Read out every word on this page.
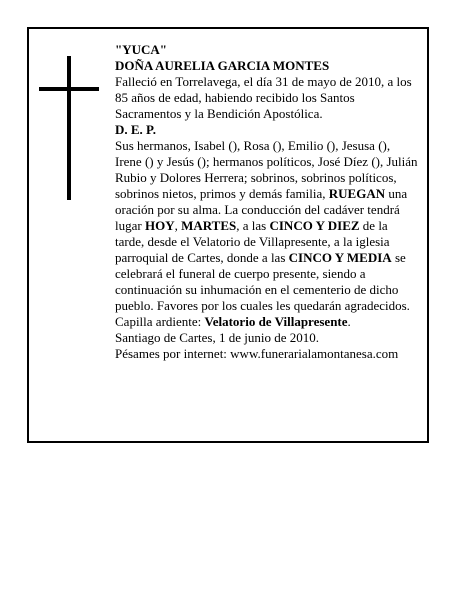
"YUCA"

DOÑA AURELIA GARCIA MONTES

Falleció en Torrelavega, el día 31 de mayo de 2010, a los 85 años de edad, habiendo recibido los Santos Sacramentos y la Bendición Apostólica.

D. E. P.

Sus hermanos, Isabel (), Rosa (), Emilio (), Jesusa (), Irene () y Jesús (); hermanos políticos, José Díez (), Julián Rubio y Dolores Herrera; sobrinos, sobrinos políticos, sobrinos nietos, primos y demás familia, RUEGAN una oración por su alma. La conducción del cadáver tendrá lugar HOY, MARTES, a las CINCO Y DIEZ de la tarde, desde el Velatorio de Villapresente, a la iglesia parroquial de Cartes, donde a las CINCO Y MEDIA se celebrará el funeral de cuerpo presente, siendo a continuación su inhumación en el cementerio de dicho pueblo. Favores por los cuales les quedarán agradecidos. Capilla ardiente: Velatorio de Villapresente.

Santiago de Cartes, 1 de junio de 2010.

Pésames por internet: www.funerarialamontanesa.com
